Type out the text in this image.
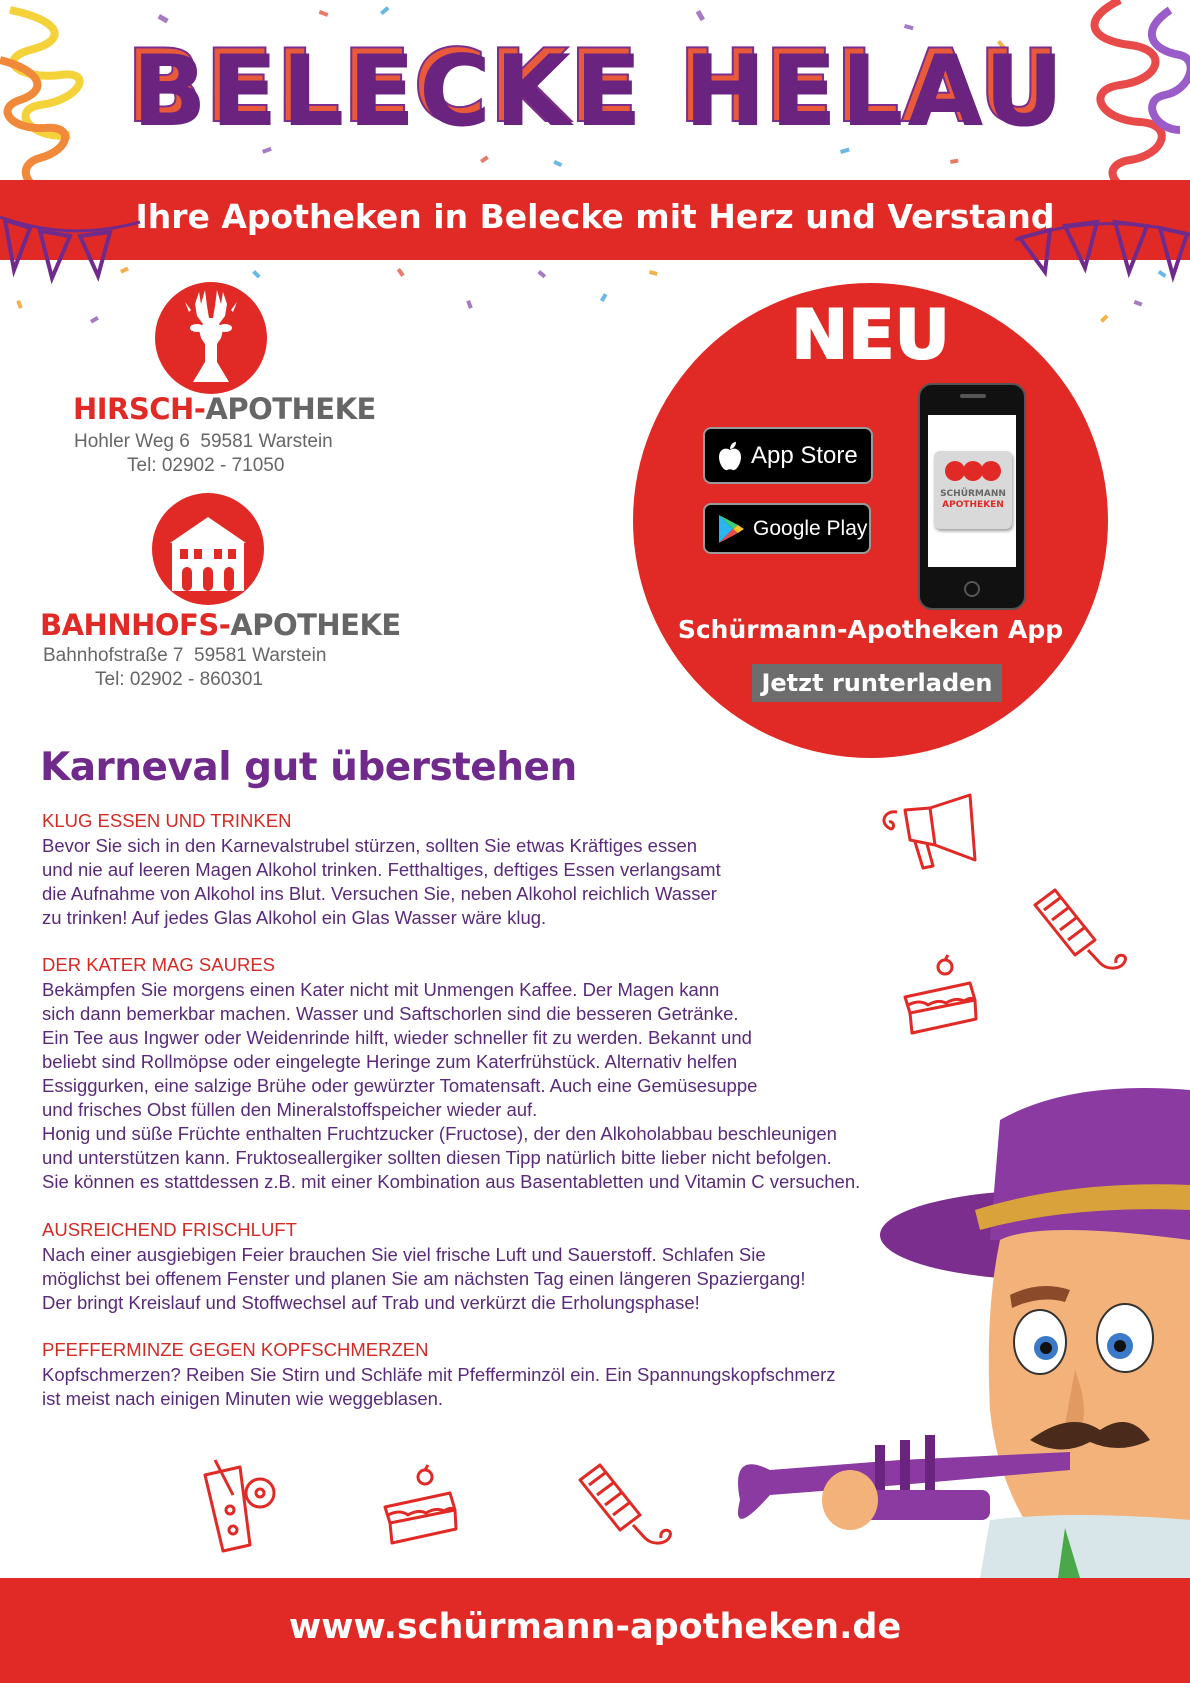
BELECKE HELAU
Ihre Apotheken in Belecke mit Herz und Verstand
HIRSCH-APOTHEKE
Hohler Weg 6  59581 Warstein
Tel: 02902 - 71050
BAHNHOFS-APOTHEKE
Bahnhofstraße 7  59581 Warstein
Tel: 02902 - 860301
NEU
App Store
Google Play
SCHÜRMANN
APOTHEKEN
Schürmann-Apotheken App
Jetzt runterladen
Karneval gut überstehen
KLUG ESSEN UND TRINKEN
Bevor Sie sich in den Karnevalstrubel stürzen, sollten Sie etwas Kräftiges essen
und nie auf leeren Magen Alkohol trinken. Fetthaltiges, deftiges Essen verlangsamt
die Aufnahme von Alkohol ins Blut. Versuchen Sie, neben Alkohol reichlich Wasser
zu trinken! Auf jedes Glas Alkohol ein Glas Wasser wäre klug.
DER KATER MAG SAURES
Bekämpfen Sie morgens einen Kater nicht mit Unmengen Kaffee. Der Magen kann
sich dann bemerkbar machen. Wasser und Saftschorlen sind die besseren Getränke.
Ein Tee aus Ingwer oder Weidenrinde hilft, wieder schneller fit zu werden. Bekannt und
beliebt sind Rollmöpse oder eingelegte Heringe zum Katerfrühstück. Alternativ helfen
Essiggurken, eine salzige Brühe oder gewürzter Tomatensaft. Auch eine Gemüsesuppe
und frisches Obst füllen den Mineralstoffspeicher wieder auf.
Honig und süße Früchte enthalten Fruchtzucker (Fructose), der den Alkoholabbau beschleunigen
und unterstützen kann. Fruktoseallergiker sollten diesen Tipp natürlich bitte lieber nicht befolgen.
Sie können es stattdessen z.B. mit einer Kombination aus Basentabletten und Vitamin C versuchen.
AUSREICHEND FRISCHLUFT
Nach einer ausgiebigen Feier brauchen Sie viel frische Luft und Sauerstoff. Schlafen Sie
möglichst bei offenem Fenster und planen Sie am nächsten Tag einen längeren Spaziergang!
Der bringt Kreislauf und Stoffwechsel auf Trab und verkürzt die Erholungsphase!
PFEFFERMINZE GEGEN KOPFSCHMERZEN
Kopfschmerzen? Reiben Sie Stirn und Schläfe mit Pfefferminzöl ein. Ein Spannungskopfschmerz
ist meist nach einigen Minuten wie weggeblasen.
www.schürmann-apotheken.de
